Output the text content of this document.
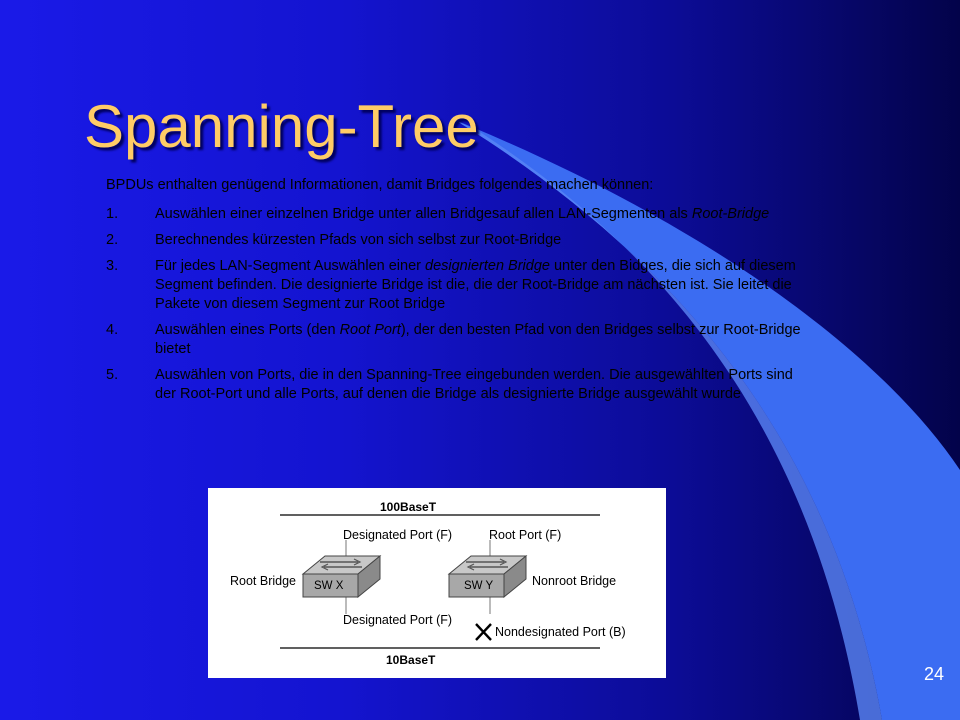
Spanning-Tree

BPDUs enthalten genügend Informationen, damit Bridges folgendes machen können:

1.	Auswählen einer einzelnen Bridge unter allen Bridgesauf allen LAN-Segmenten als Root-Bridge
2.	Berechnendes kürzesten Pfads von sich selbst zur Root-Bridge
3.	Für jedes LAN-Segment Auswählen einer designierten Bridge unter den Bidges, die sich auf diesem Segment befinden. Die designierte Bridge ist die, die der Root-Bridge am nächsten ist. Sie leitet die Pakete von diesem Segment zur Root Bridge
4.	Auswählen eines Ports (den Root Port), der den besten Pfad von den Bridges selbst zur Root-Bridge bietet
5.	Auswählen von Ports, die in den Spanning-Tree eingebunden werden. Die ausgewählten Ports sind der Root-Port und alle Ports, auf denen die Bridge als designierte Bridge ausgewählt wurde
100BaseT
Designated Port (F)	Root Port (F)
Root Bridge SW X	SW Y	Nonroot Bridge
Designated Port (F)
Nondesignated Port (B)
10BaseT
24
